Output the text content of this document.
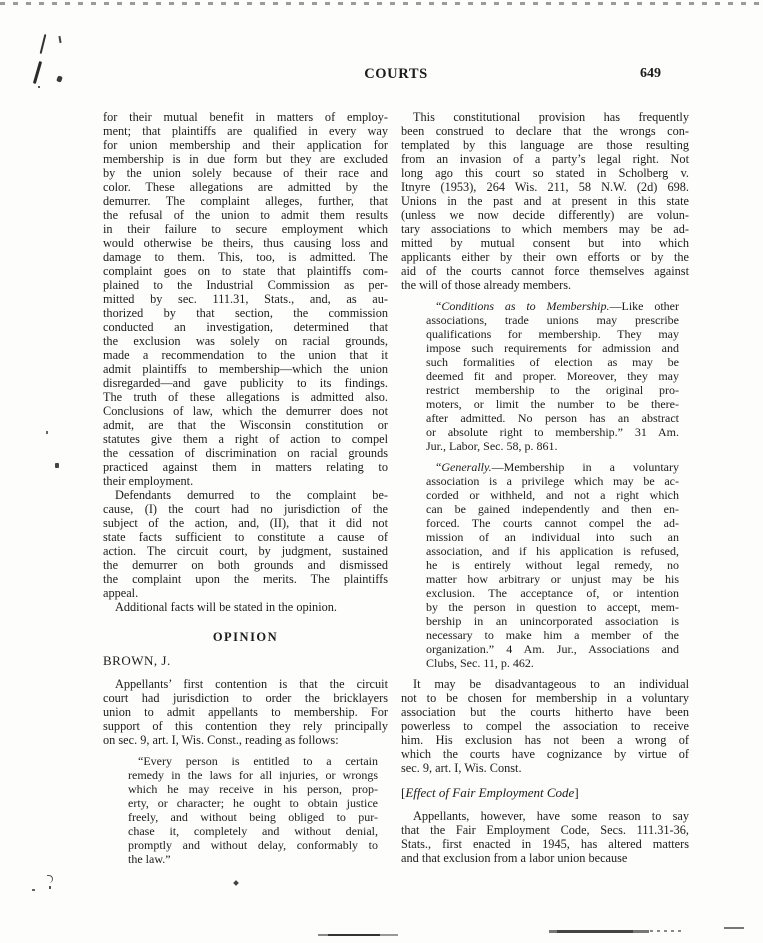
COURTS	649
for their mutual benefit in matters of employ-
ment; that plaintiffs are qualified in every way
for union membership and their application for
membership is in due form but they are excluded
by the union solely because of their race and
color. These allegations are admitted by the
demurrer. The complaint alleges, further, that
the refusal of the union to admit them results
in their failure to secure employment which
would otherwise be theirs, thus causing loss and
damage to them. This, too, is admitted. The
complaint goes on to state that plaintiffs com-
plained to the Industrial Commission as per-
mitted by sec. 111.31, Stats., and, as au-
thorized by that section, the commission
conducted an investigation, determined that
the exclusion was solely on racial grounds,
made a recommendation to the union that it
admit plaintiffs to membership—which the union
disregarded—and gave publicity to its findings.
The truth of these allegations is admitted also.
Conclusions of law, which the demurrer does not
admit, are that the Wisconsin constitution or
statutes give them a right of action to compel
the cessation of discrimination on racial grounds
practiced against them in matters relating to
their employment.
Defendants demurred to the complaint be-
cause, (I) the court had no jurisdiction of the
subject of the action, and, (II), that it did not
state facts sufficient to constitute a cause of
action. The circuit court, by judgment, sustained
the demurrer on both grounds and dismissed
the complaint upon the merits. The plaintiffs
appeal.
Additional facts will be stated in the opinion.
OPINION
BROWN, J.
Appellants’ first contention is that the circuit
court had jurisdiction to order the bricklayers
union to admit appellants to membership. For
support of this contention they rely principally
on sec. 9, art. I, Wis. Const., reading as follows:
“Every person is entitled to a certain
remedy in the laws for all injuries, or wrongs
which he may receive in his person, prop-
erty, or character; he ought to obtain justice
freely, and without being obliged to pur-
chase it, completely and without denial,
promptly and without delay, conformably to
the law.”
This constitutional provision has frequently
been construed to declare that the wrongs con-
templated by this language are those resulting
from an invasion of a party’s legal right. Not
long ago this court so stated in Scholberg v.
Itnyre (1953), 264 Wis. 211, 58 N.W. (2d) 698.
Unions in the past and at present in this state
(unless we now decide differently) are volun-
tary associations to which members may be ad-
mitted by mutual consent but into which
applicants either by their own efforts or by the
aid of the courts cannot force themselves against
the will of those already members.
“Conditions as to Membership.—Like other
associations, trade unions may prescribe
qualifications for membership. They may
impose such requirements for admission and
such formalities of election as may be
deemed fit and proper. Moreover, they may
restrict membership to the original pro-
moters, or limit the number to be there-
after admitted. No person has an abstract
or absolute right to membership.” 31 Am.
Jur., Labor, Sec. 58, p. 861.
“Generally.—Membership in a voluntary
association is a privilege which may be ac-
corded or withheld, and not a right which
can be gained independently and then en-
forced. The courts cannot compel the ad-
mission of an individual into such an
association, and if his application is refused,
he is entirely without legal remedy, no
matter how arbitrary or unjust may be his
exclusion. The acceptance of, or intention
by the person in question to accept, mem-
bership in an unincorporated association is
necessary to make him a member of the
organization.” 4 Am. Jur., Associations and
Clubs, Sec. 11, p. 462.
It may be disadvantageous to an individual
not to be chosen for membership in a voluntary
association but the courts hitherto have been
powerless to compel the association to receive
him. His exclusion has not been a wrong of
which the courts have cognizance by virtue of
sec. 9, art. I, Wis. Const.
[Effect of Fair Employment Code]
Appellants, however, have some reason to say
that the Fair Employment Code, Secs. 111.31-36,
Stats., first enacted in 1945, has altered matters
and that exclusion from a labor union because
